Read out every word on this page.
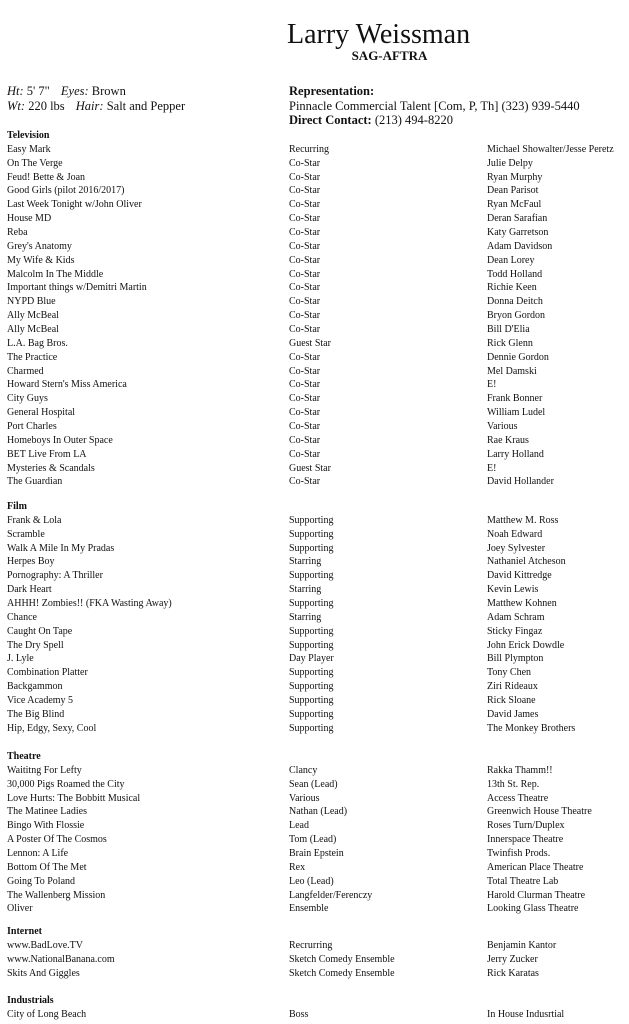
Larry Weissman
SAG-AFTRA
Ht: 5' 7" Eyes: Brown
Wt: 220 lbs Hair: Salt and Pepper
Representation:
Pinnacle Commercial Talent [Com, P, Th] (323) 939-5440
Direct Contact: (213) 494-8220
Television
Easy Mark	Recurring	Michael Showalter/Jesse Peretz
On The Verge	Co-Star	Julie Delpy
Feud! Bette & Joan	Co-Star	Ryan Murphy
Good Girls (pilot 2016/2017)	Co-Star	Dean Parisot
Last Week Tonight w/John Oliver	Co-Star	Ryan McFaul
House MD	Co-Star	Deran Sarafian
Reba	Co-Star	Katy Garretson
Grey's Anatomy	Co-Star	Adam Davidson
My Wife & Kids	Co-Star	Dean Lorey
Malcolm In The Middle	Co-Star	Todd Holland
Important things w/Demitri Martin	Co-Star	Richie Keen
NYPD Blue	Co-Star	Donna Deitch
Ally McBeal	Co-Star	Bryon Gordon
Ally McBeal	Co-Star	Bill D'Elia
L.A. Bag Bros.	Guest Star	Rick Glenn
The Practice	Co-Star	Dennie Gordon
Charmed	Co-Star	Mel Damski
Howard Stern's Miss America	Co-Star	E!
City Guys	Co-Star	Frank Bonner
General Hospital	Co-Star	William Ludel
Port Charles	Co-Star	Various
Homeboys In Outer Space	Co-Star	Rae Kraus
BET Live From LA	Co-Star	Larry Holland
Mysteries & Scandals	Guest Star	E!
The Guardian	Co-Star	David Hollander
Film
Frank & Lola	Supporting	Matthew M. Ross
Scramble	Supporting	Noah Edward
Walk A Mile In My Pradas	Supporting	Joey Sylvester
Herpes Boy	Starring	Nathaniel Atcheson
Pornography: A Thriller	Supporting	David Kittredge
Dark Heart	Starring	Kevin Lewis
AHHH! Zombies!! (FKA Wasting Away)	Supporting	Matthew Kohnen
Chance	Starring	Adam Schram
Caught On Tape	Supporting	Sticky Fingaz
The Dry Spell	Supporting	John Erick Dowdle
J. Lyle	Day Player	Bill Plympton
Combination Platter	Supporting	Tony Chen
Backgammon	Supporting	Ziri Rideaux
Vice Academy 5	Supporting	Rick Sloane
The Big Blind	Supporting	David James
Hip, Edgy, Sexy, Cool	Supporting	The Monkey Brothers
Theatre
Waititng For Lefty	Clancy	Rakka Thamm!!
30,000 Pigs Roamed the City	Sean (Lead)	13th St. Rep.
Love Hurts: The Bobbitt Musical	Various	Access Theatre
The Matinee Ladies	Nathan (Lead)	Greenwich House Theatre
Bingo With Flossie	Lead	Roses Turn/Duplex
A Poster Of The Cosmos	Tom (Lead)	Innerspace Theatre
Lennon: A Life	Brain Epstein	Twinfish Prods.
Bottom Of The Met	Rex	American Place Theatre
Going To Poland	Leo (Lead)	Total Theatre Lab
The Wallenberg Mission	Langfelder/Ferenczy	Harold Clurman Theatre
Oliver	Ensemble	Looking Glass Theatre
Internet
www.BadLove.TV	Recrurring	Benjamin Kantor
www.NationalBanana.com	Sketch Comedy Ensemble	Jerry Zucker
Skits And Giggles	Sketch Comedy Ensemble	Rick Karatas
Industrials
City of Long Beach	Boss	In House Indusrtial
